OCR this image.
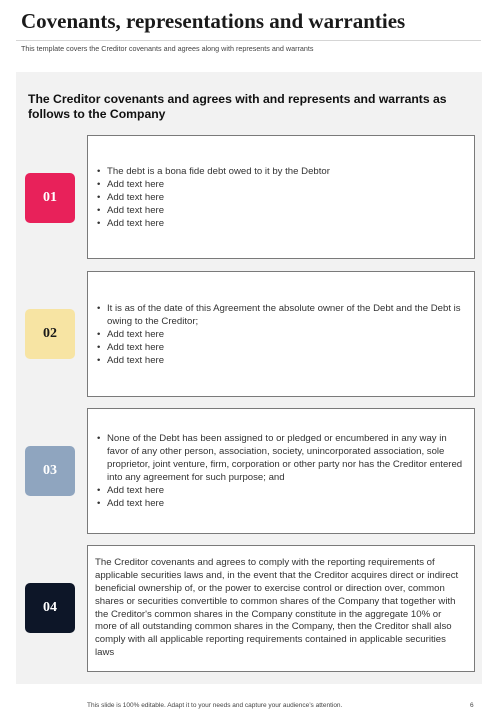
Covenants, representations and warranties
This template covers the Creditor covenants and agrees along with represents and warrants
The Creditor covenants and agrees with and represents and warrants as follows to the Company
01
• The debt is a bona fide debt owed to it by the Debtor
• Add text here
• Add text here
• Add text here
• Add text here
02
• It is as of the date of this Agreement the absolute owner of the Debt and the Debt is owing to the Creditor;
• Add text here
• Add text here
• Add text here
03
• None of the Debt has been assigned to or pledged or encumbered in any way in favor of any other person, association, society, unincorporated association, sole proprietor, joint venture, firm, corporation or other party nor has the Creditor entered into any agreement for such purpose; and
• Add text here
• Add text here
04

The Creditor covenants and agrees to comply with the reporting requirements of applicable securities laws and, in the event that the Creditor acquires direct or indirect beneficial ownership of, or the power to exercise control or direction over, common shares or securities convertible to common shares of the Company that together with the Creditor's common shares in the Company constitute in the aggregate 10% or more of all outstanding common shares in the Company, then the Creditor shall also comply with all applicable reporting requirements contained in applicable securities laws

This slide is 100% editable. Adapt it to your needs and capture your audience’s attention.	6
